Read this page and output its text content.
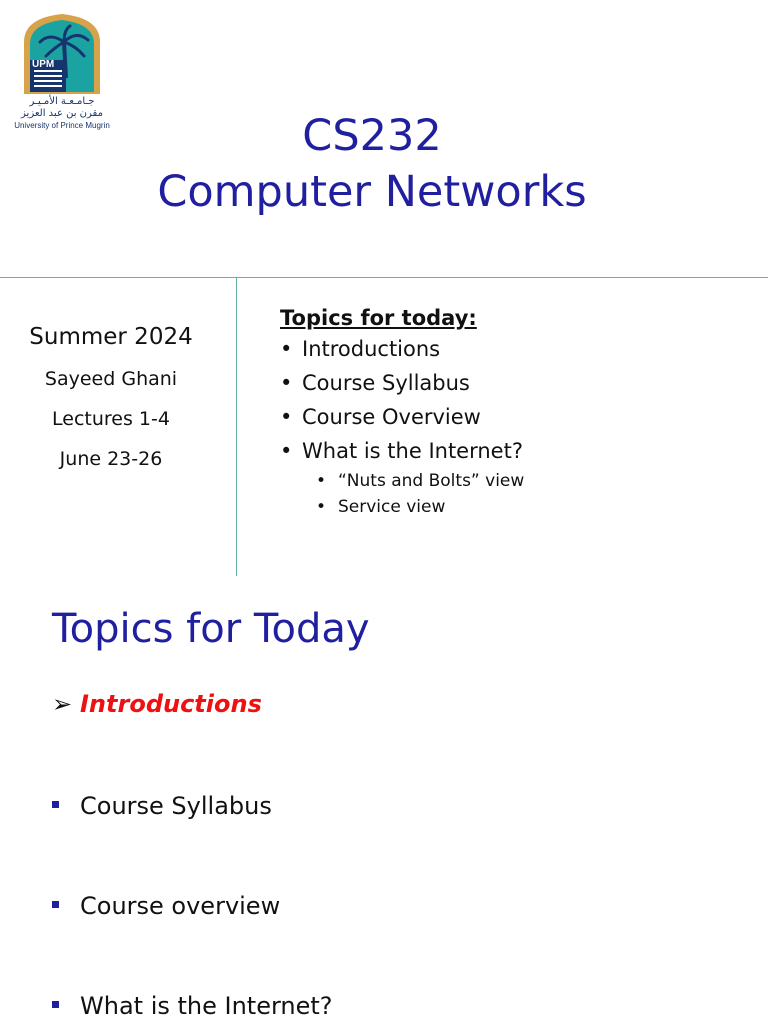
UPM
جـامـعـة الأمـيـر
مقرن بن عبد العزيز
University of Prince Mugrin	CS232
Computer Networks
Summer 2024
Sayeed Ghani
Lectures 1-4
June 23-26
Topics for today:
• Introductions
• Course Syllabus
• Course Overview
• What is the Internet?
• “Nuts and Bolts” view
• Service view
Topics for Today
➢ Introductions
Course Syllabus
Course overview
What is the Internet?
